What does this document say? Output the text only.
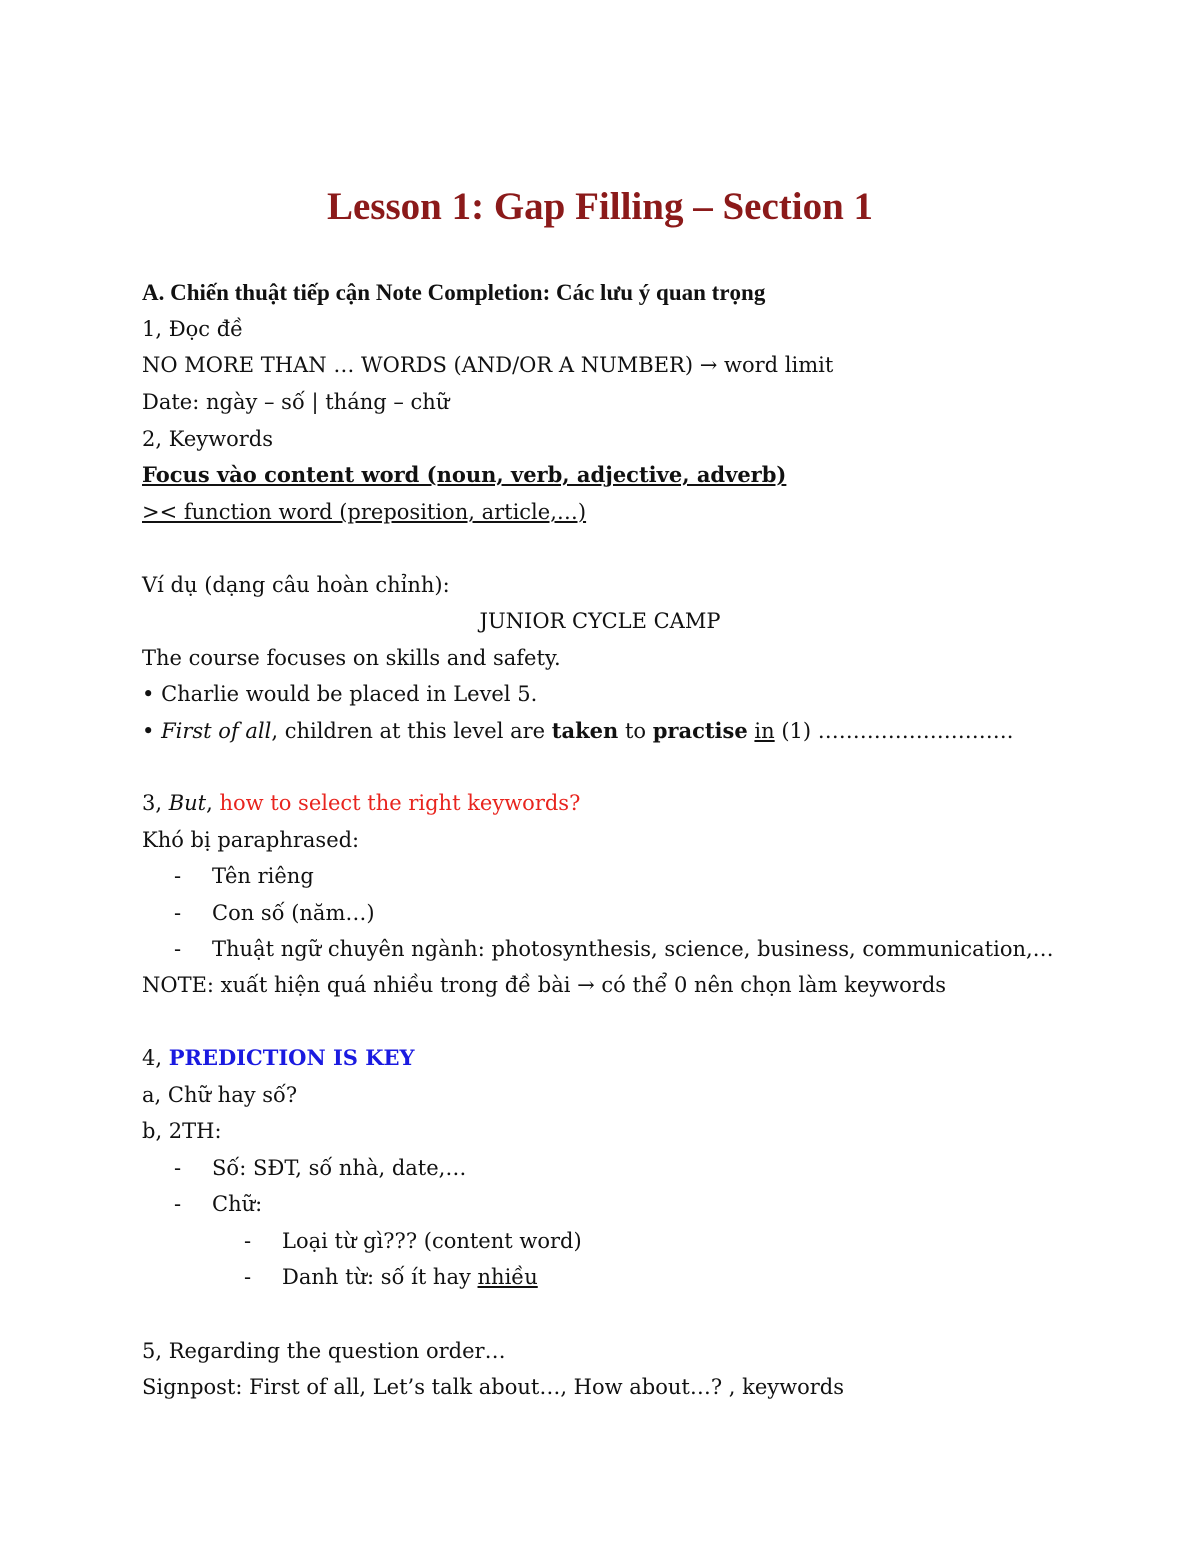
Lesson 1: Gap Filling – Section 1

A. Chiến thuật tiếp cận Note Completion: Các lưu ý quan trọng

1, Đọc đề

NO MORE THAN … WORDS (AND/OR A NUMBER) → word limit

Date: ngày – số | tháng – chữ

2, Keywords

Focus vào content word (noun, verb, adjective, adverb)

>< function word (preposition, article,…)

Ví dụ (dạng câu hoàn chỉnh):

JUNIOR CYCLE CAMP

The course focuses on skills and safety.

• Charlie would be placed in Level 5.

• First of all, children at this level are taken to practise in (1) ……………………….

3, But, how to select the right keywords?

Khó bị paraphrased:

- Tên riêng

- Con số (năm…)

- Thuật ngữ chuyên ngành: photosynthesis, science, business, communication,…

NOTE: xuất hiện quá nhiều trong đề bài → có thể 0 nên chọn làm keywords

4, PREDICTION IS KEY

a, Chữ hay số?

b, 2TH:

- Số: SĐT, số nhà, date,…

- Chữ:

- Loại từ gì??? (content word)

- Danh từ: số ít hay nhiều

5, Regarding the question order…

Signpost: First of all, Let’s talk about…, How about…? , keywords
